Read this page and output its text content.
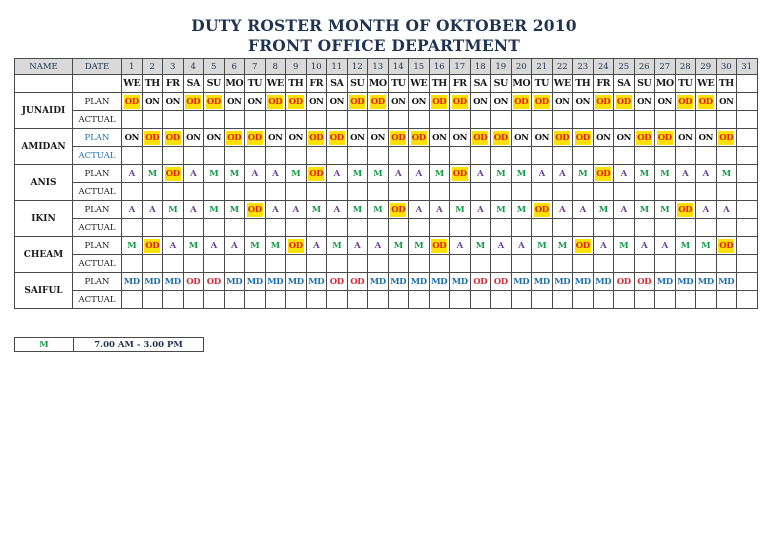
DUTY ROSTER MONTH OF OKTOBER 2010
FRONT OFFICE DEPARTMENT
NAME	DATE	1	2	3	4	5	6	7	8	9	10	11	12	13	14	15	16	17	18	19	20	21	22	23	24	25	26	27	28	29	30	31
		WE	TH	FR	SA	SU	MO	TU	WE	TH	FR	SA	SU	MO	TU	WE	TH	FR	SA	SU	MO	TU	WE	TH	FR	SA	SU	MO	TU	WE	TH	
JUNAIDI	PLAN	OD	ON	ON	OD	OD	ON	ON	OD	OD	ON	ON	OD	OD	ON	ON	OD	OD	ON	ON	OD	OD	ON	ON	OD	OD	ON	ON	OD	OD	ON	
	ACTUAL																															
AMIDAN	PLAN	ON	OD	OD	ON	ON	OD	OD	ON	ON	OD	OD	ON	ON	OD	OD	ON	ON	OD	OD	ON	ON	OD	OD	ON	ON	OD	OD	ON	ON	OD	
	ACTUAL																															
ANIS	PLAN	A	M	OD	A	M	M	A	A	M	OD	A	M	M	A	A	M	OD	A	M	M	A	A	M	OD	A	M	M	A	A	M	
	ACTUAL																															
IKIN	PLAN	A	A	M	A	M	M	OD	A	A	M	A	M	M	OD	A	A	M	A	M	M	OD	A	A	M	A	M	M	OD	A	A	
	ACTUAL																															
CHEAM	PLAN	M	OD	A	M	A	A	M	M	OD	A	M	A	A	M	M	OD	A	M	A	A	M	M	OD	A	M	A	A	M	M	OD	
	ACTUAL																															
SAIFUL	PLAN	MD	MD	MD	OD	OD	MD	MD	MD	MD	MD	OD	OD	MD	MD	MD	MD	MD	OD	OD	MD	MD	MD	MD	MD	OD	OD	MD	MD	MD	MD	
	ACTUAL																															
M	7.00 AM - 3.00 PM
